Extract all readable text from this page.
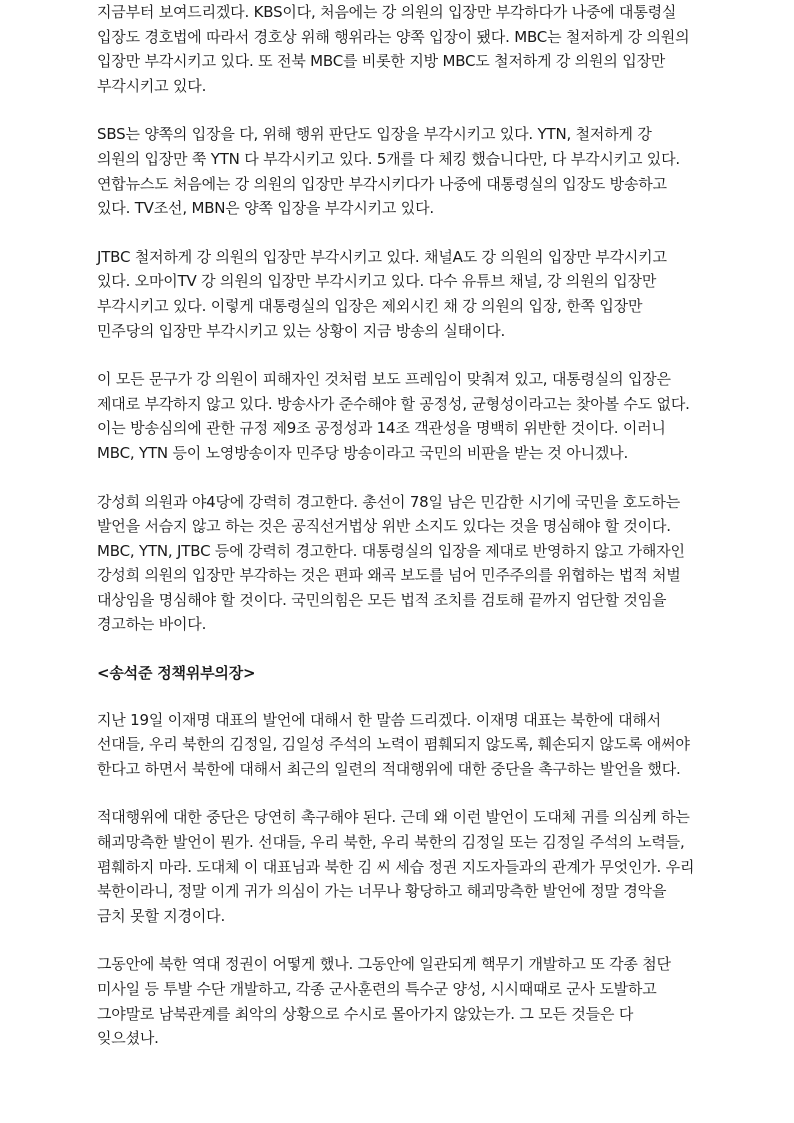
지금부터 보여드리겠다. KBS이다, 처음에는 강 의원의 입장만 부각하다가 나중에 대통령실 입장도 경호법에 따라서 경호상 위해 행위라는 양쪽 입장이 됐다. MBC는 철저하게 강 의원의 입장만 부각시키고 있다. 또 전북 MBC를 비롯한 지방 MBC도 철저하게 강 의원의 입장만 부각시키고 있다.

SBS는 양쪽의 입장을 다, 위해 행위 판단도 입장을 부각시키고 있다. YTN, 철저하게 강 의원의 입장만 쭉 YTN 다 부각시키고 있다. 5개를 다 체킹 했습니다만, 다 부각시키고 있다. 연합뉴스도 처음에는 강 의원의 입장만 부각시키다가 나중에 대통령실의 입장도 방송하고 있다. TV조선, MBN은 양쪽 입장을 부각시키고 있다.

JTBC 철저하게 강 의원의 입장만 부각시키고 있다. 채널A도 강 의원의 입장만 부각시키고 있다. 오마이TV 강 의원의 입장만 부각시키고 있다. 다수 유튜브 채널, 강 의원의 입장만 부각시키고 있다. 이렇게 대통령실의 입장은 제외시킨 채 강 의원의 입장, 한쪽 입장만 민주당의 입장만 부각시키고 있는 상황이 지금 방송의 실태이다.

이 모든 문구가 강 의원이 피해자인 것처럼 보도 프레임이 맞춰져 있고, 대통령실의 입장은 제대로 부각하지 않고 있다. 방송사가 준수해야 할 공정성, 균형성이라고는 찾아볼 수도 없다. 이는 방송심의에 관한 규정 제9조 공정성과 14조 객관성을 명백히 위반한 것이다. 이러니 MBC, YTN 등이 노영방송이자 민주당 방송이라고 국민의 비판을 받는 것 아니겠나.

강성희 의원과 야4당에 강력히 경고한다. 총선이 78일 남은 민감한 시기에 국민을 호도하는 발언을 서슴지 않고 하는 것은 공직선거법상 위반 소지도 있다는 것을 명심해야 할 것이다. MBC, YTN, JTBC 등에 강력히 경고한다. 대통령실의 입장을 제대로 반영하지 않고 가해자인 강성희 의원의 입장만 부각하는 것은 편파 왜곡 보도를 넘어 민주주의를 위협하는 법적 처벌 대상임을 명심해야 할 것이다. 국민의힘은 모든 법적 조치를 검토해 끝까지 엄단할 것임을 경고하는 바이다.

<송석준 정책위부의장>

지난 19일 이재명 대표의 발언에 대해서 한 말씀 드리겠다. 이재명 대표는 북한에 대해서 선대들, 우리 북한의 김정일, 김일성 주석의 노력이 폄훼되지 않도록, 훼손되지 않도록 애써야 한다고 하면서 북한에 대해서 최근의 일련의 적대행위에 대한 중단을 촉구하는 발언을 했다.

적대행위에 대한 중단은 당연히 촉구해야 된다. 근데 왜 이런 발언이 도대체 귀를 의심케 하는 해괴망측한 발언이 뭔가. 선대들, 우리 북한, 우리 북한의 김정일 또는 김정일 주석의 노력들, 폄훼하지 마라. 도대체 이 대표님과 북한 김 씨 세습 정권 지도자들과의 관계가 무엇인가. 우리 북한이라니, 정말 이게 귀가 의심이 가는 너무나 황당하고 해괴망측한 발언에 정말 경악을 금치 못할 지경이다.

그동안에 북한 역대 정권이 어떻게 했나. 그동안에 일관되게 핵무기 개발하고 또 각종 첨단 미사일 등 투발 수단 개발하고, 각종 군사훈련의 특수군 양성, 시시때때로 군사 도발하고 그야말로 남북관계를 최악의 상황으로 수시로 몰아가지 않았는가. 그 모든 것들은 다 잊으셨나.
